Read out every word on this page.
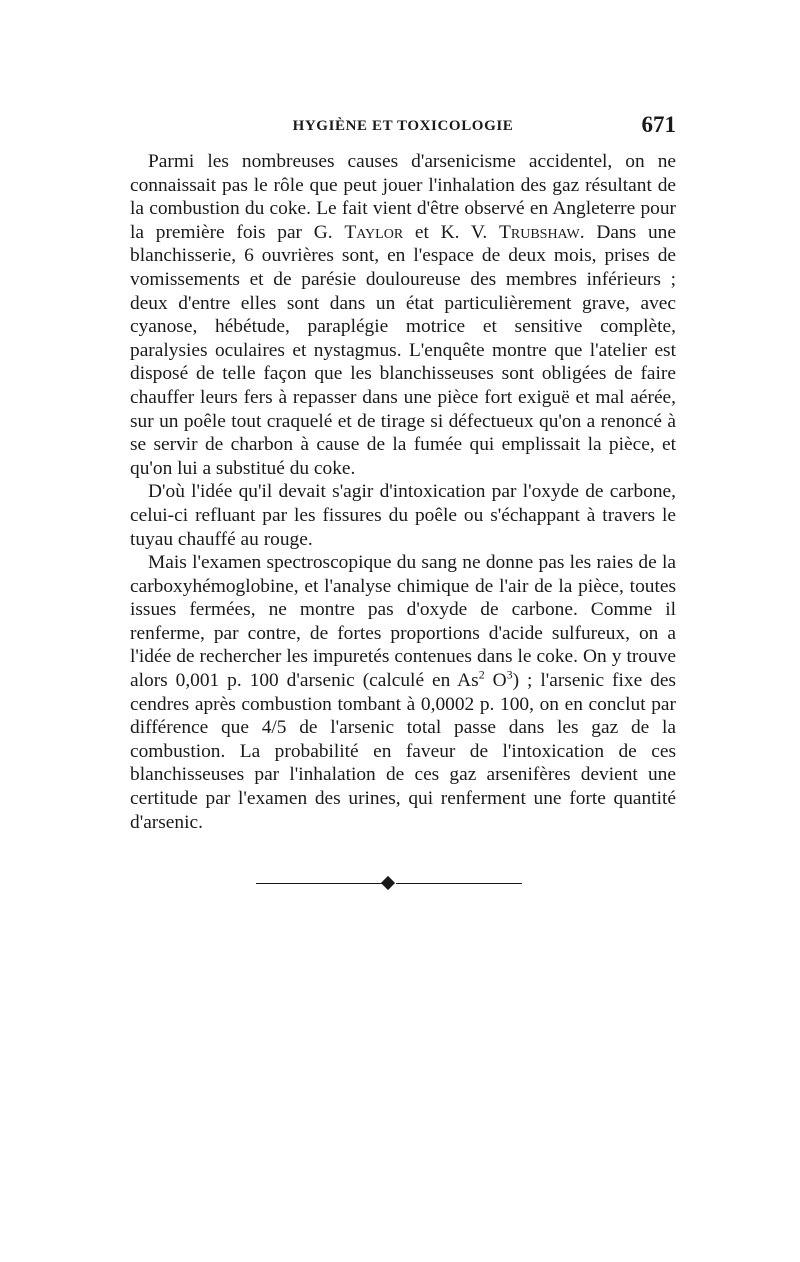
HYGIÈNE ET TOXICOLOGIE	671

Parmi les nombreuses causes d'arsenicisme accidentel, on ne connaissait pas le rôle que peut jouer l'inhalation des gaz résultant de la combustion du coke. Le fait vient d'être observé en Angleterre pour la première fois par G. Taylor et K. V. Trubshaw. Dans une blanchisserie, 6 ouvrières sont, en l'espace de deux mois, prises de vomissements et de parésie douloureuse des membres inférieurs ; deux d'entre elles sont dans un état particulièrement grave, avec cyanose, hébétude, paraplégie motrice et sensitive complète, paralysies oculaires et nystagmus. L'enquête montre que l'atelier est disposé de telle façon que les blanchisseuses sont obligées de faire chauffer leurs fers à repasser dans une pièce fort exiguë et mal aérée, sur un poêle tout craquelé et de tirage si défectueux qu'on a renoncé à se servir de charbon à cause de la fumée qui emplissait la pièce, et qu'on lui a substitué du coke.

D'où l'idée qu'il devait s'agir d'intoxication par l'oxyde de carbone, celui-ci refluant par les fissures du poêle ou s'échappant à travers le tuyau chauffé au rouge.

Mais l'examen spectroscopique du sang ne donne pas les raies de la carboxyhémoglobine, et l'analyse chimique de l'air de la pièce, toutes issues fermées, ne montre pas d'oxyde de carbone. Comme il renferme, par contre, de fortes proportions d'acide sulfureux, on a l'idée de rechercher les impuretés contenues dans le coke. On y trouve alors 0,001 p. 100 d'arsenic (calculé en As$^2$ $O^3$) ; l'arsenic fixe des cendres après combustion tombant à 0,0002 p. 100, on en conclut par différence que 4/5 de l'arsenic total passe dans les gaz de la combustion. La probabilité en faveur de l'intoxication de ces blanchisseuses par l'inhalation de ces gaz arsenifères devient une certitude par l'examen des urines, qui renferment une forte quantité d'arsenic.
